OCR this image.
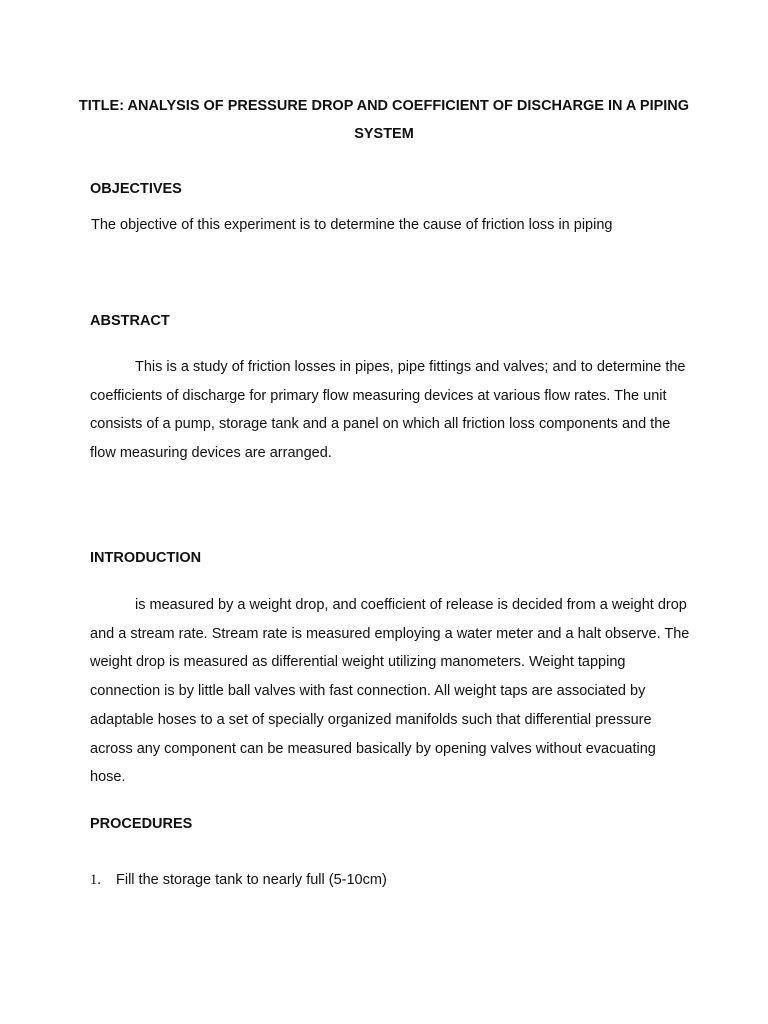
TITLE: ANALYSIS OF PRESSURE DROP AND COEFFICIENT OF DISCHARGE IN A PIPING SYSTEM
OBJECTIVES
The objective of this experiment is to determine the cause of friction loss in piping
ABSTRACT
This is a study of friction losses in pipes, pipe fittings and valves; and to determine the coefficients of discharge for primary flow measuring devices at various flow rates. The unit consists of a pump, storage tank and a panel on which all friction loss components and the flow measuring devices are arranged.
INTRODUCTION
is measured by a weight drop, and coefficient of release is decided from a weight drop and a stream rate. Stream rate is measured employing a water meter and a halt observe. The weight drop is measured as differential weight utilizing manometers. Weight tapping connection is by little ball valves with fast connection. All weight taps are associated by adaptable hoses to a set of specially organized manifolds such that differential pressure across any component can be measured basically by opening valves without evacuating hose.
PROCEDURES
1. Fill the storage tank to nearly full (5-10cm)
